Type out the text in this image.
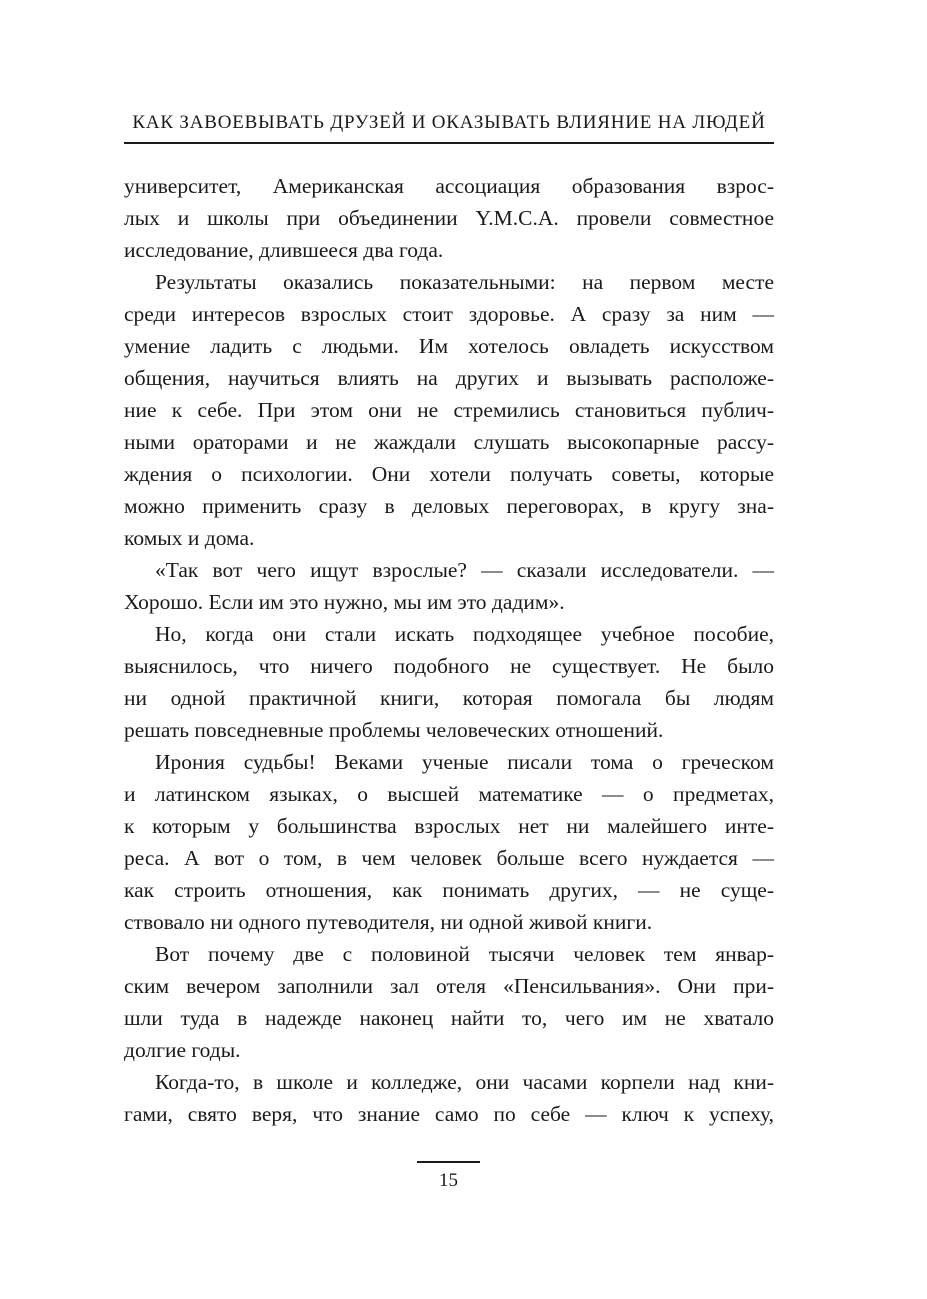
КАК ЗАВОЕВЫВАТЬ ДРУЗЕЙ И ОКАЗЫВАТЬ ВЛИЯНИЕ НА ЛЮДЕЙ

университет, Американская ассоциация образования взрос-

лых и школы при объединении Y.M.C.A. провели совместное

исследование, длившееся два года.

Результаты оказались показательными: на первом месте

среди интересов взрослых стоит здоровье. А сразу за ним —

умение ладить с людьми. Им хотелось овладеть искусством

общения, научиться влиять на других и вызывать расположе-

ние к себе. При этом они не стремились становиться публич-

ными ораторами и не жаждали слушать высокопарные рассу-

ждения о психологии. Они хотели получать советы, которые

можно применить сразу в деловых переговорах, в кругу зна-

комых и дома.

«Так вот чего ищут взрослые? — сказали исследователи. —

Хорошо. Если им это нужно, мы им это дадим».

Но, когда они стали искать подходящее учебное пособие,

выяснилось, что ничего подобного не существует. Не было

ни одной практичной книги, которая помогала бы людям

решать повседневные проблемы человеческих отношений.

Ирония судьбы! Веками ученые писали тома о греческом

и латинском языках, о высшей математике — о предметах,

к которым у большинства взрослых нет ни малейшего инте-

реса. А вот о том, в чем человек больше всего нуждается —

как строить отношения, как понимать других, — не суще-

ствовало ни одного путеводителя, ни одной живой книги.

Вот почему две с половиной тысячи человек тем январ-

ским вечером заполнили зал отеля «Пенсильвания». Они при-

шли туда в надежде наконец найти то, чего им не хватало

долгие годы.

Когда-то, в школе и колледже, они часами корпели над кни-

гами, свято веря, что знание само по себе — ключ к успеху,

15
